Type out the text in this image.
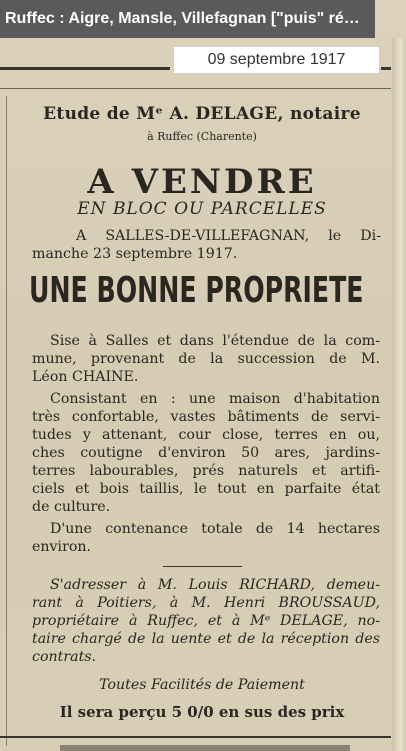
Ruffec : Aigre, Mansle, Villefagnan ["puis" ré…
09 septembre 1917
Etude de Mᵉ A. DELAGE, notaire
à Ruffec (Charente)
A VENDRE
EN BLOC OU PARCELLES
A SALLES-DE-VILLEFAGNAN, le Di-
manche 23 septembre 1917.
UNE BONNE PROPRIETE
Sise à Salles et dans l'étendue de la com-
mune, provenant de la succession de M.
Léon CHAINE.
Consistant en : une maison d'habitation
très confortable, vastes bâtiments de servi-
tudes y attenant, cour close, terres en ou,
ches coutigne d'environ 50 ares, jardins-
terres labourables, prés naturels et artifi-
ciels et bois taillis, le tout en parfaite état
de culture.
D'une contenance totale de 14 hectares
environ.
S'adresser à M. Louis RICHARD, demeu-
rant à Poitiers, à M. Henri BROUSSAUD,
propriétaire à Ruffec, et à Mᵉ DELAGE, no-
taire chargé de la uente et de la réception des
contrats.
Toutes Facilités de Paiement
Il sera perçu 5 0/0 en sus des prix
